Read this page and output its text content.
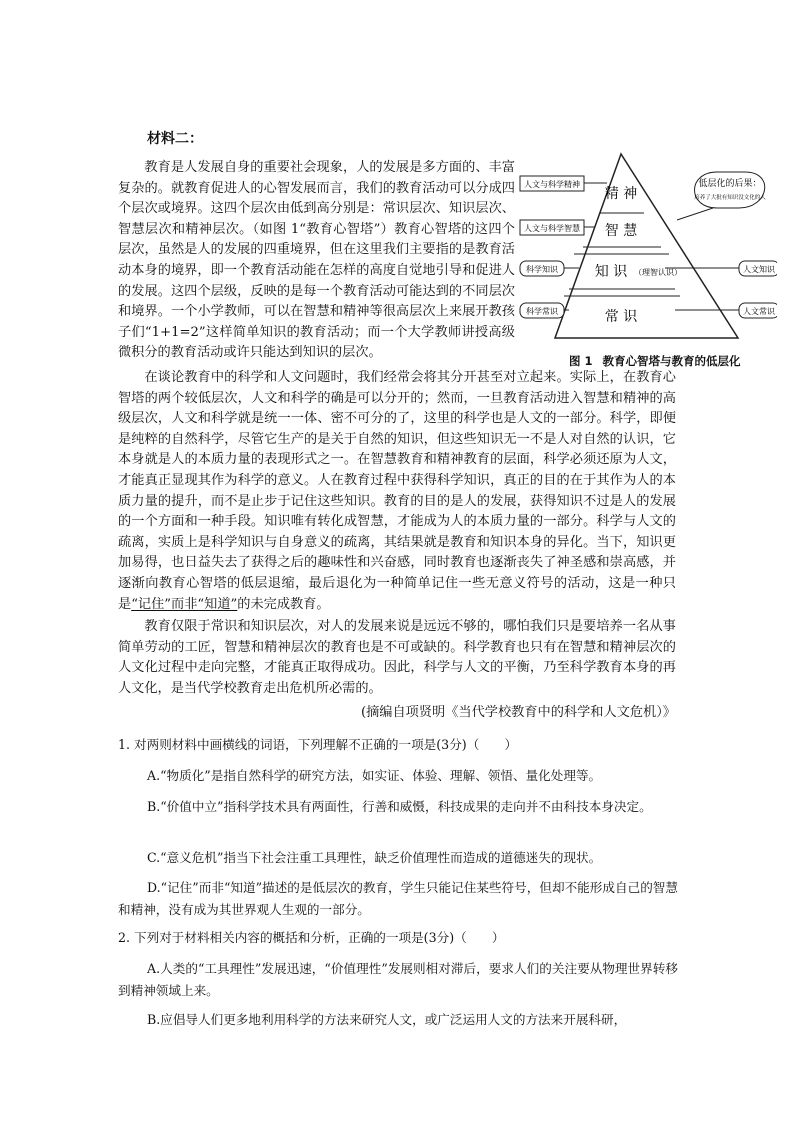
材料二：

教育是人发展自身的重要社会现象，人的发展是多方面的、丰富复杂的。就教育促进人的心智发展而言，我们的教育活动可以分成四个层次或境界。这四个层次由低到高分别是：常识层次、知识层次、智慧层次和精神层次。（如图 1“教育心智塔”）教育心智塔的这四个层次，虽然是人的发展的四重境界，但在这里我们主要指的是教育活动本身的境界，即一个教育活动能在怎样的高度自觉地引导和促进人的发展。这四个层级，反映的是每一个教育活动可能达到的不同层次和境界。一个小学教师，可以在智慧和精神等很高层次上来展开教孩子们“1+1=2”这样简单知识的教育活动；而一个大学教师讲授高级微积分的教育活动或许只能达到知识的层次。

精 神
智 慧
知 识 （理智认识）
常 识
人文与科学精神
人文与科学智慧
科学知识
科学常识
人文知识
人文常识
低层化的后果：
培养了大批有知识没文化的人
图 1 教育心智塔与教育的低层化

在谈论教育中的科学和人文问题时，我们经常会将其分开甚至对立起来。实际上，在教育心智塔的两个较低层次，人文和科学的确是可以分开的；然而，一旦教育活动进入智慧和精神的高级层次，人文和科学就是统一一体、密不可分的了，这里的科学也是人文的一部分。科学，即便是纯粹的自然科学，尽管它生产的是关于自然的知识，但这些知识无一不是人对自然的认识，它本身就是人的本质力量的表现形式之一。在智慧教育和精神教育的层面，科学必须还原为人文，才能真正显现其作为科学的意义。人在教育过程中获得科学知识，真正的目的在于其作为人的本质力量的提升，而不是止步于记住这些知识。教育的目的是人的发展，获得知识不过是人的发展的一个方面和一种手段。知识唯有转化成智慧，才能成为人的本质力量的一部分。科学与人文的疏离，实质上是科学知识与自身意义的疏离，其结果就是教育和知识本身的异化。当下，知识更加易得，也日益失去了获得之后的趣味性和兴奋感，同时教育也逐渐丧失了神圣感和崇高感，并逐渐向教育心智塔的低层退缩，最后退化为一种简单记住一些无意义符号的活动，这是一种只是“记住”而非“知道”的未完成教育。

教育仅限于常识和知识层次，对人的发展来说是远远不够的，哪怕我们只是要培养一名从事简单劳动的工匠，智慧和精神层次的教育也是不可或缺的。科学教育也只有在智慧和精神层次的人文化过程中走向完整，才能真正取得成功。因此，科学与人文的平衡，乃至科学教育本身的再人文化，是当代学校教育走出危机所必需的。

(摘编自项贤明《当代学校教育中的科学和人文危机）》

1. 对两则材料中画横线的词语，下列理解不正确的一项是(3分)（　　）

A.“物质化”是指自然科学的研究方法，如实证、体验、理解、领悟、量化处理等。

B.“价值中立”指科学技术具有两面性，行善和威慑，科技成果的走向并不由科技本身决定。

C.“意义危机”指当下社会注重工具理性，缺乏价值理性而造成的道德迷失的现状。

D.“记住”而非“知道”描述的是低层次的教育，学生只能记住某些符号，但却不能形成自己的智慧和精神，没有成为其世界观人生观的一部分。

2. 下列对于材料相关内容的概括和分析，正确的一项是(3分)（　　）

A.人类的“工具理性”发展迅速，“价值理性”发展则相对滞后，要求人们的关注要从物理世界转移到精神领域上来。

B.应倡导人们更多地利用科学的方法来研究人文，或广泛运用人文的方法来开展科研，
